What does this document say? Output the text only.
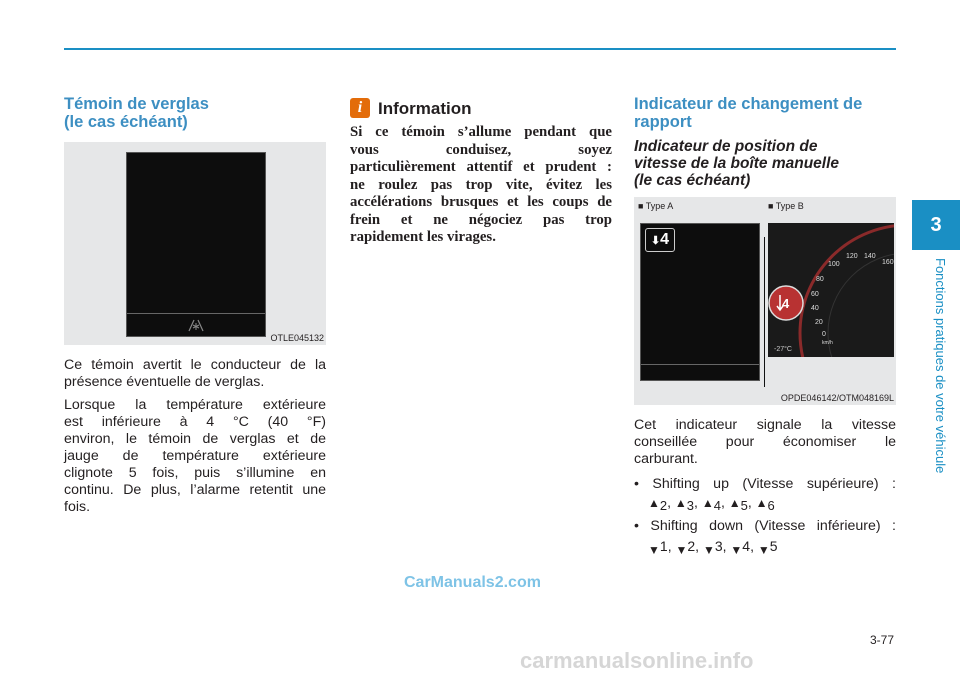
Témoin de verglas
(le cas échéant)
OTLE045132
Ce témoin avertit le conducteur de la
présence éventuelle de verglas.
Lorsque la température extérieure
est inférieure à 4 °C (40 °F)
environ, le témoin de verglas et de
jauge de température extérieure
clignote 5 fois, puis s’illumine en
continu. De plus, l’alarme retentit une
fois.
i Information
Si ce témoin s’allume pendant que
vous conduisez, soyez
particulièrement attentif et prudent :
ne roulez pas trop vite, évitez les
accélérations brusques et les coups de
frein et ne négociez pas trop
rapidement les virages.
Indicateur de changement de
rapport
Indicateur de position de
vitesse de la boîte manuelle
(le cas échéant)
■ Type A	■ Type B
⬇ 4
4
120 140
160
100
80
60
40
20
0
km/h
-27°C
OPDE046142/OTM048169L
Cet indicateur signale la vitesse
conseillée pour économiser le
carburant.
• Shifting up (Vitesse supérieure) :
▲2, ▲3, ▲4, ▲5, ▲6
• Shifting down (Vitesse inférieure) :
▼1, ▼2, ▼3, ▼4, ▼5
3
Fonctions pratiques de votre véhicule
3-77
CarManuals2.com
carmanualsonline.info
